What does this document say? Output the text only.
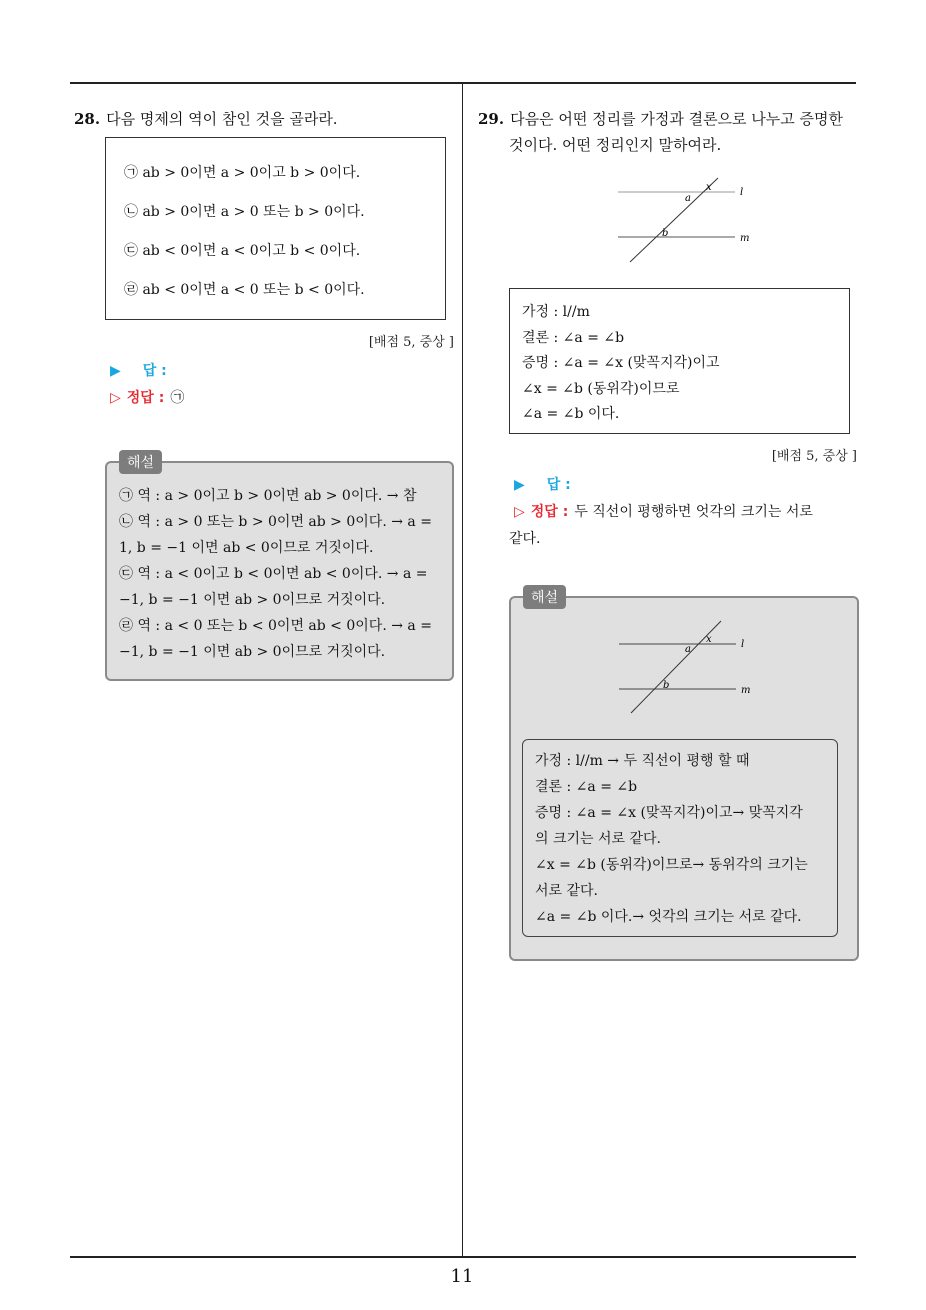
28. 다음 명제의 역이 참인 것을 골라라.
㉠ ab > 0이면 a > 0이고 b > 0이다.
㉡ ab > 0이면 a > 0 또는 b > 0이다.
㉢ ab < 0이면 a < 0이고 b < 0이다.
㉣ ab < 0이면 a < 0 또는 b < 0이다.
[배점 5, 중상 ]
▶ 답 :
▷ 정답 : ㉠
㉠ 역 : a > 0이고 b > 0이면 ab > 0이다. → 참
㉡ 역 : a > 0 또는 b > 0이면 ab > 0이다. → a =
1, b = −1 이면 ab < 0이므로 거짓이다.
㉢ 역 : a < 0이고 b < 0이면 ab < 0이다. → a =
−1, b = −1 이면 ab > 0이므로 거짓이다.
㉣ 역 : a < 0 또는 b < 0이면 ab < 0이다. → a =
−1, b = −1 이면 ab > 0이므로 거짓이다.
해설
29. 다음은 어떤 정리를 가정과 결론으로 나누고 증명한
것이다. 어떤 정리인지 말하여라.
a
x
b
l
m
가정 : l//m
결론 : ∠a = ∠b
증명 : ∠a = ∠x (맞꼭지각)이고
∠x = ∠b (동위각)이므로
∠a = ∠b 이다.
[배점 5, 중상 ]
▶ 답 :
▷ 정답 : 두 직선이 평행하면 엇각의 크기는 서로
같다.
a
x
b
l
m
가정 : l//m → 두 직선이 평행 할 때
결론 : ∠a = ∠b
증명 : ∠a = ∠x (맞꼭지각)이고→ 맞꼭지각
의 크기는 서로 같다.
∠x = ∠b (동위각)이므로→ 동위각의 크기는
서로 같다.
∠a = ∠b 이다.→ 엇각의 크기는 서로 같다.
해설
11
